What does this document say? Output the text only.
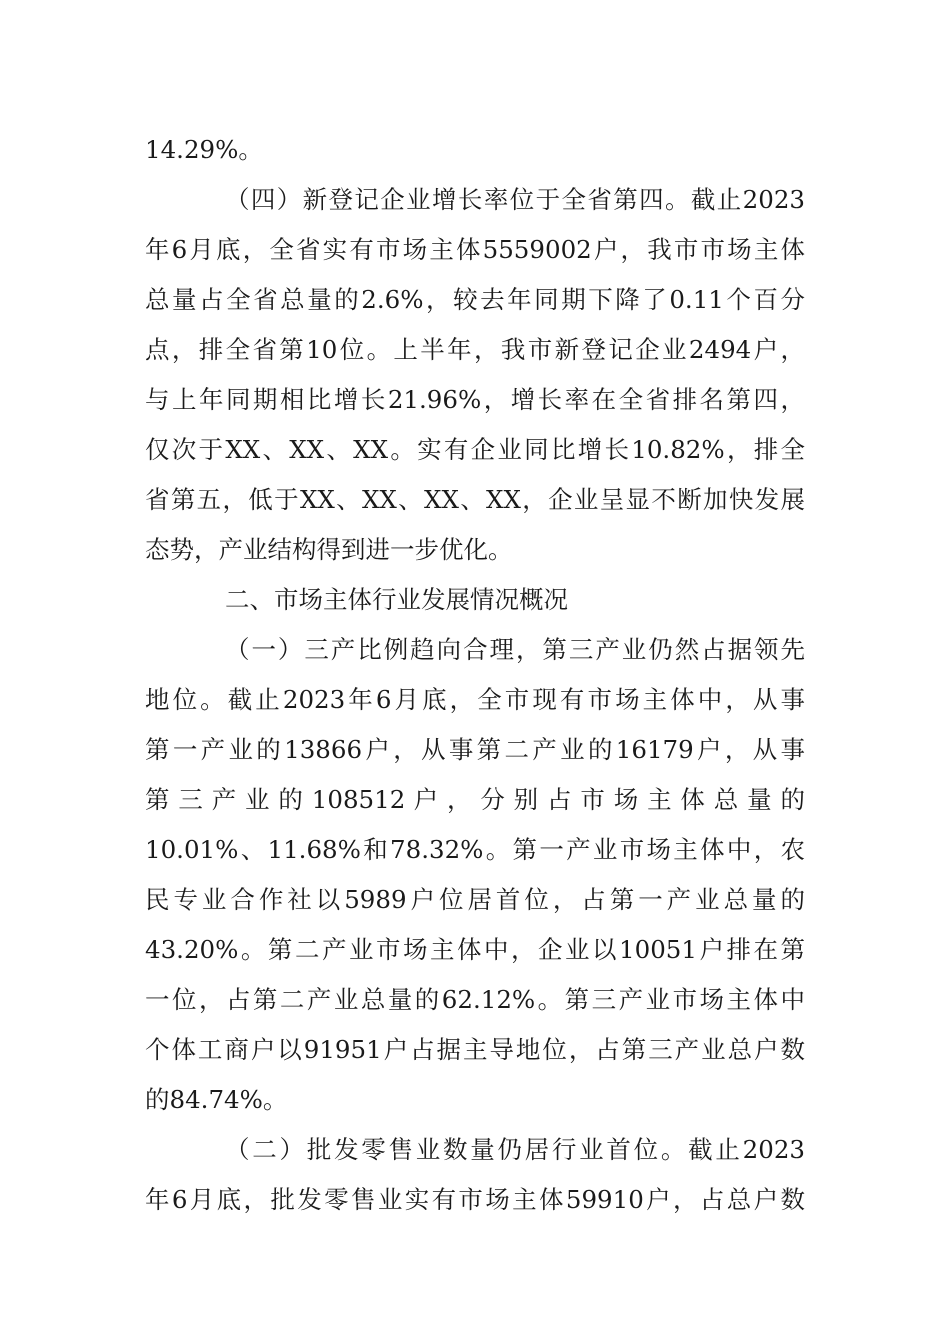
14.29%。
（四）新登记企业增长率位于全省第四。截止2023
年6月底，全省实有市场主体5559002户，我市市场主体
总量占全省总量的2.6%，较去年同期下降了0.11个百分
点，排全省第10位。上半年，我市新登记企业2494户，
与上年同期相比增长21.96%，增长率在全省排名第四，
仅次于XX、XX、XX。实有企业同比增长10.82%，排全
省第五，低于XX、XX、XX、XX，企业呈显不断加快发展
态势，产业结构得到进一步优化。
二、市场主体行业发展情况概况
（一）三产比例趋向合理，第三产业仍然占据领先
地位。截止2023年6月底，全市现有市场主体中，从事
第一产业的13866户，从事第二产业的16179户，从事
第 三 产 业 的 108512 户 ， 分 别 占 市 场 主 体 总 量 的
10.01%、11.68%和78.32%。第一产业市场主体中，农
民专业合作社以5989户位居首位，占第一产业总量的
43.20%。第二产业市场主体中，企业以10051户排在第
一位，占第二产业总量的62.12%。第三产业市场主体中
个体工商户以91951户占据主导地位，占第三产业总户数
的84.74%。
（二）批发零售业数量仍居行业首位。截止2023
年6月底，批发零售业实有市场主体59910户，占总户数
